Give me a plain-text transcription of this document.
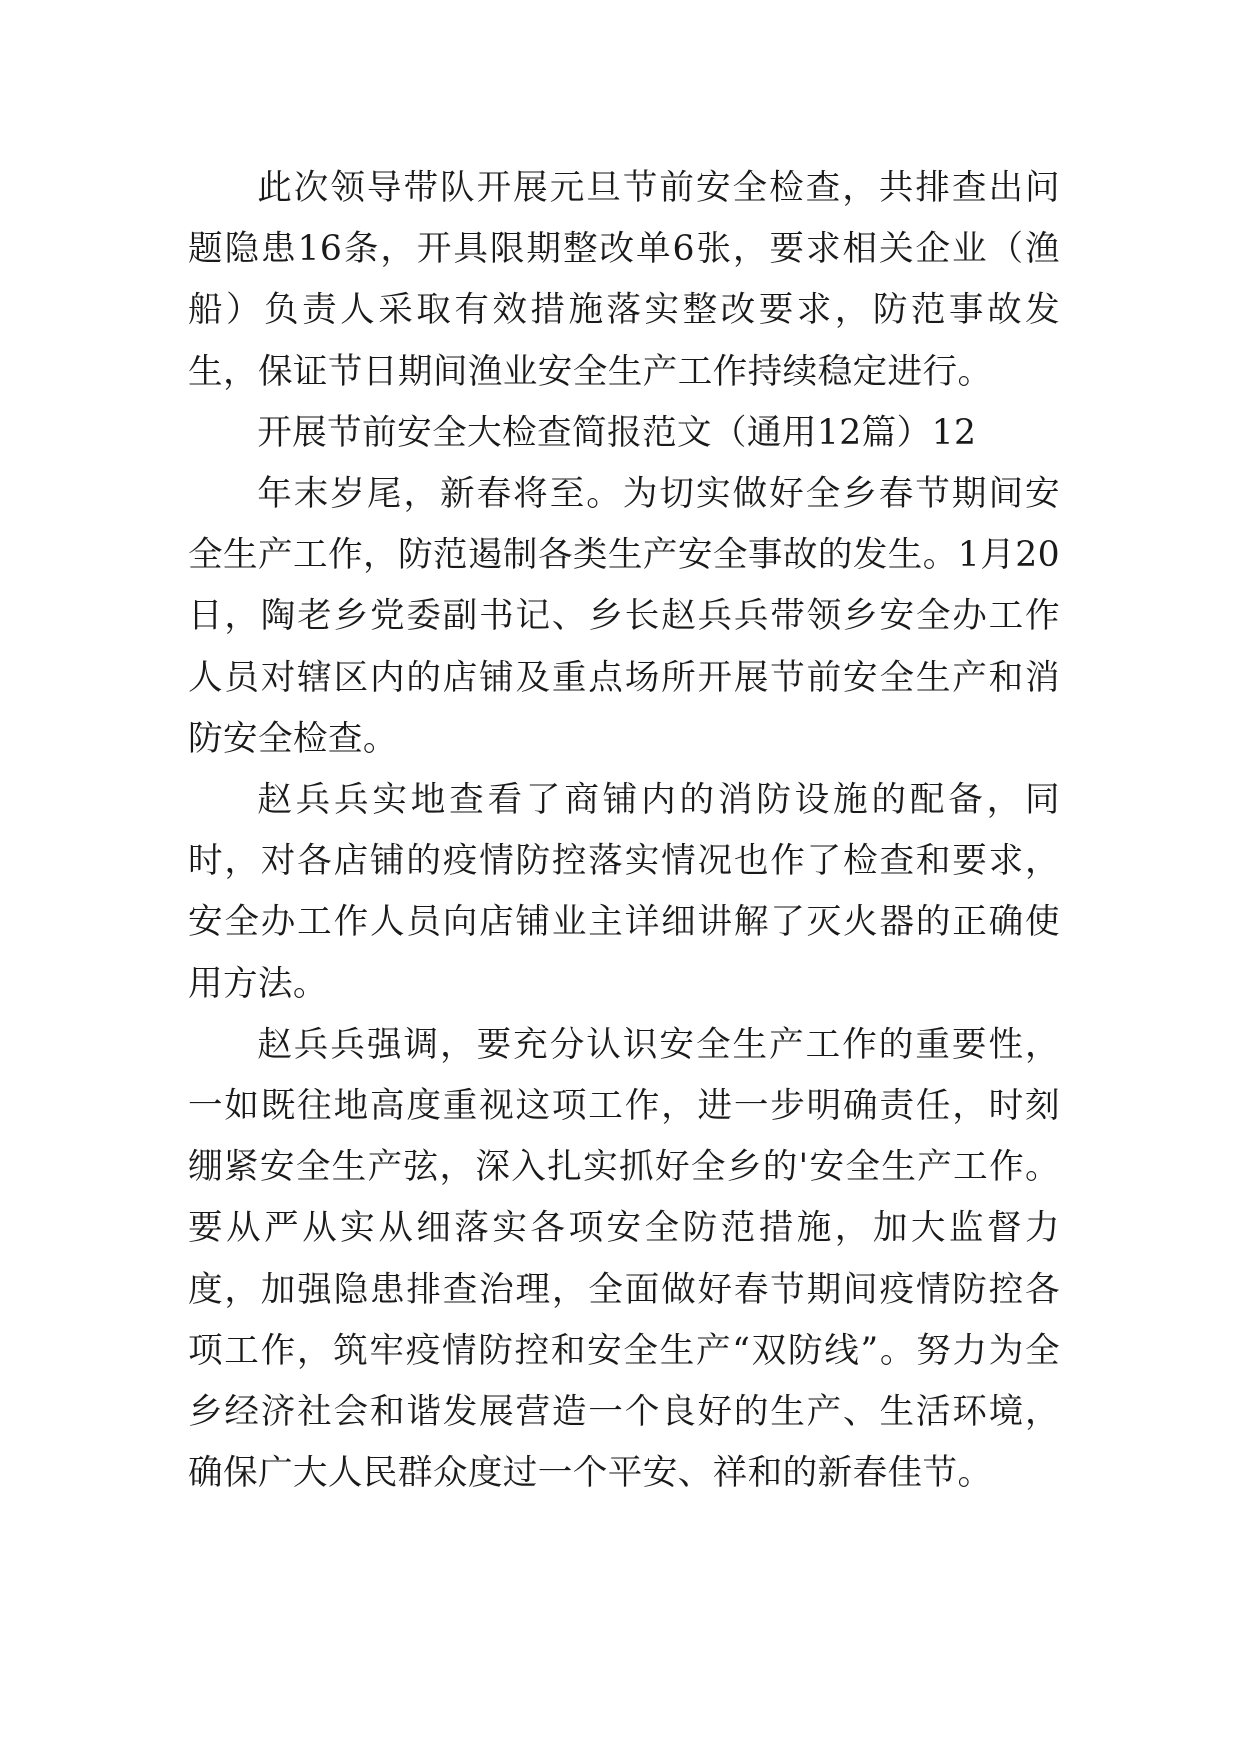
此次领导带队开展元旦节前安全检查，共排查出问题隐患16条，开具限期整改单6张，要求相关企业（渔船）负责人采取有效措施落实整改要求，防范事故发生，保证节日期间渔业安全生产工作持续稳定进行。

开展节前安全大检查简报范文（通用12篇）12

年末岁尾，新春将至。为切实做好全乡春节期间安全生产工作，防范遏制各类生产安全事故的发生。1月20日，陶老乡党委副书记、乡长赵兵兵带领乡安全办工作人员对辖区内的店铺及重点场所开展节前安全生产和消防安全检查。

赵兵兵实地查看了商铺内的消防设施的配备，同时，对各店铺的疫情防控落实情况也作了检查和要求，安全办工作人员向店铺业主详细讲解了灭火器的正确使用方法。

赵兵兵强调，要充分认识安全生产工作的重要性，一如既往地高度重视这项工作，进一步明确责任，时刻绷紧安全生产弦，深入扎实抓好全乡的'安全生产工作。要从严从实从细落实各项安全防范措施，加大监督力度，加强隐患排查治理，全面做好春节期间疫情防控各项工作，筑牢疫情防控和安全生产“双防线”。努力为全乡经济社会和谐发展营造一个良好的生产、生活环境，确保广大人民群众度过一个平安、祥和的新春佳节。
